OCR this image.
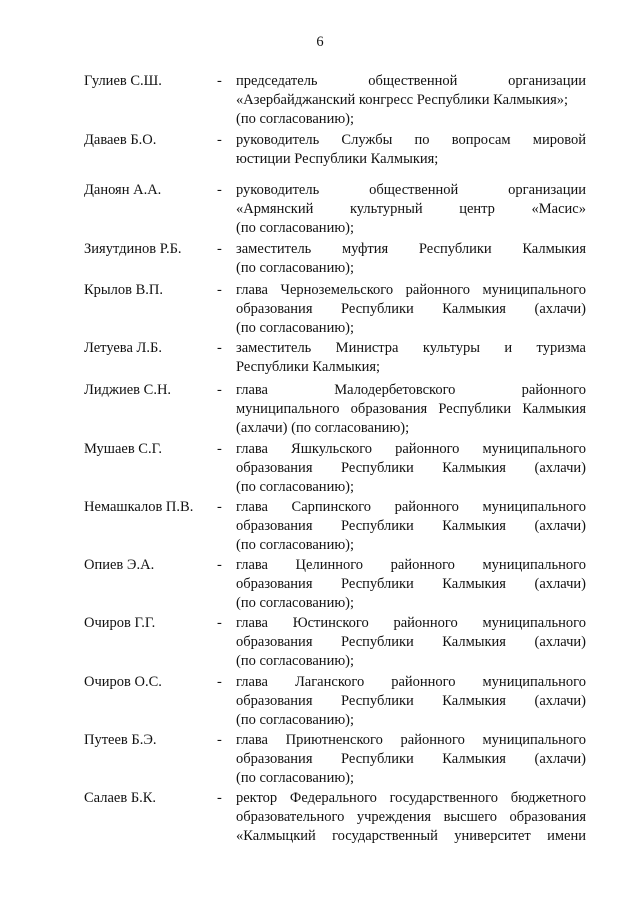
6
Гулиев С.Ш.	- председатель общественной организации
«Азербайджанский конгресс Республики Калмыкия»;
(по согласованию);
Даваев Б.О.	- руководитель Службы по вопросам мировой
юстиции Республики Калмыкия;
Даноян А.А.	- руководитель общественной организации
«Армянский культурный центр «Масис»
(по согласованию);
Зияутдинов Р.Б. - заместитель муфтия Республики Калмыкия
(по согласованию);
Крылов В.П.	- глава Черноземельского районного муниципального
образования Республики Калмыкия (ахлачи)
(по согласованию);
Летуева Л.Б.	- заместитель Министра культуры и туризма
Республики Калмыкия;
Лиджиев С.Н.	- глава Малодербетовского районного
муниципального образования Республики Калмыкия
(ахлачи) (по согласованию);
Мушаев С.Г.	- глава Яшкульского районного муниципального
образования Республики Калмыкия (ахлачи)
(по согласованию);
Немашкалов П.В. - глава Сарпинского районного муниципального
образования Республики Калмыкия (ахлачи)
(по согласованию);
Опиев Э.А.	- глава Целинного районного муниципального
образования Республики Калмыкия (ахлачи)
(по согласованию);
Очиров Г.Г.	- глава Юстинского районного муниципального
образования Республики Калмыкия (ахлачи)
(по согласованию);
Очиров О.С.	- глава Лаганского районного муниципального
образования Республики Калмыкия (ахлачи)
(по согласованию);
Путеев Б.Э.	- глава Приютненского районного муниципального
образования Республики Калмыкия (ахлачи)
(по согласованию);
Салаев Б.К.	- ректор Федерального государственного бюджетного
образовательного учреждения высшего образования
«Калмыцкий государственный университет имени
